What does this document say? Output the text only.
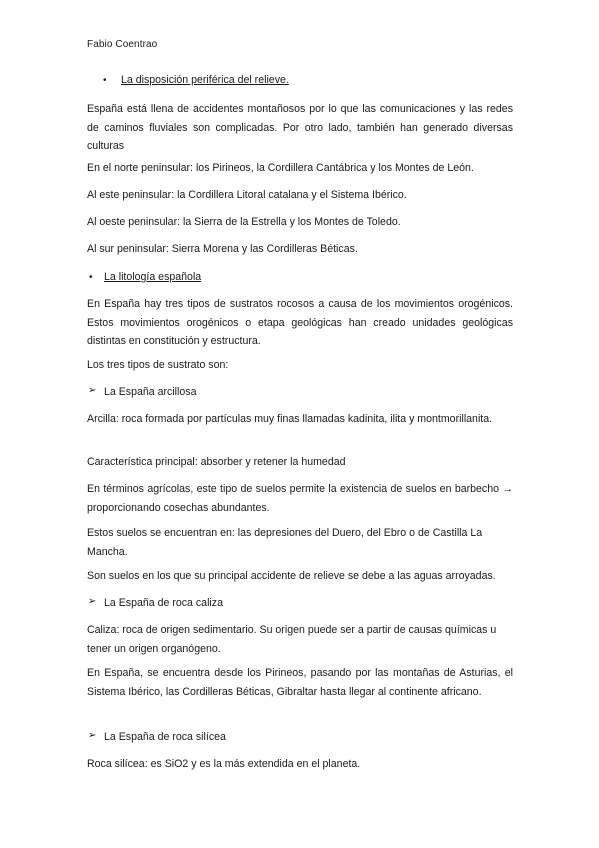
Fabio Coentrao
• La disposición periférica del relieve.
España está llena de accidentes montañosos por lo que las comunicaciones y las redes de caminos fluviales son complicadas. Por otro lado, también han generado diversas culturas
En el norte peninsular: los Pirineos, la Cordillera Cantábrica y los Montes de León.
Al este peninsular: la Cordillera Litoral catalana y el Sistema Ibérico.
Al oeste peninsular: la Sierra de la Estrella y los Montes de Toledo.
Al sur peninsular: Sierra Morena y las Cordilleras Béticas.
• La litología española
En España hay tres tipos de sustratos rocosos a causa de los movimientos orogénicos. Estos movimientos orogénicos o etapa geológicas han creado unidades geológicas distintas en constitución y estructura.
Los tres tipos de sustrato son:
➢ La España arcillosa
Arcilla: roca formada por partículas muy finas llamadas kadinita, ilita y montmorillanita.
Característica principal: absorber y retener la humedad
En términos agrícolas, este tipo de suelos permite la existencia de suelos en barbecho → proporcionando cosechas abundantes.
Estos suelos se encuentran en: las depresiones del Duero, del Ebro o de Castilla La Mancha.
Son suelos en los que su principal accidente de relieve se debe a las aguas arroyadas.
➢ La España de roca caliza
Caliza: roca de origen sedimentario. Su origen puede ser a partir de causas químicas u tener un origen organógeno.
En España, se encuentra desde los Pirineos, pasando por las montañas de Asturias, el Sistema Ibérico, las Cordilleras Béticas, Gibraltar hasta llegar al continente africano.
➢ La España de roca silícea
Roca silícea: es SiO2 y es la más extendida en el planeta.
